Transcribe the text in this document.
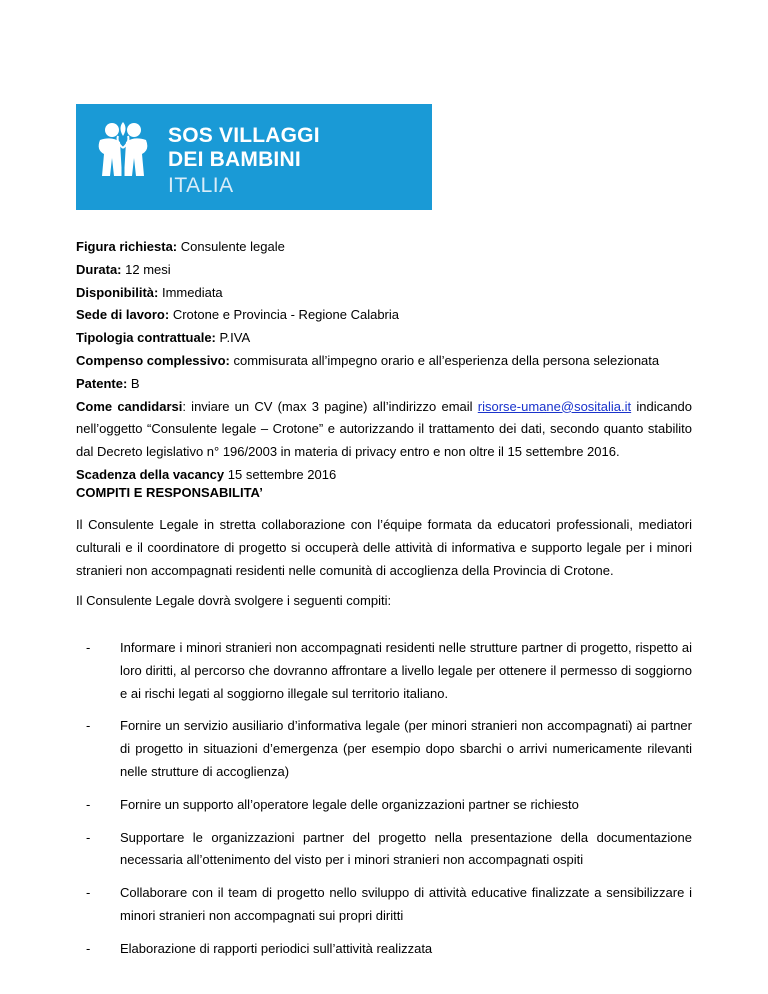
SOS VILLAGGI
DEI BAMBINI
ITALIA

Figura richiesta: Consulente legale

Durata: 12 mesi

Disponibilità: Immediata

Sede di lavoro: Crotone e Provincia - Regione Calabria

Tipologia contrattuale: P.IVA

Compenso complessivo: commisurata all’impegno orario e all’esperienza della persona selezionata

Patente: B

Come candidarsi: inviare un CV (max 3 pagine) all’indirizzo email risorse-umane@sositalia.it indicando nell’oggetto “Consulente legale – Crotone” e autorizzando il trattamento dei dati, secondo quanto stabilito dal Decreto legislativo n° 196/2003 in materia di privacy entro e non oltre il 15 settembre 2016.

Scadenza della vacancy 15 settembre 2016

COMPITI E RESPONSABILITA’

Il Consulente Legale in stretta collaborazione con l’équipe formata da educatori professionali, mediatori culturali e il coordinatore di progetto si occuperà delle attività di informativa e supporto legale per i minori stranieri non accompagnati residenti nelle comunità di accoglienza della Provincia di Crotone.

Il Consulente Legale dovrà svolgere i seguenti compiti:

- Informare i minori stranieri non accompagnati residenti nelle strutture partner di progetto, rispetto ai loro diritti, al percorso che dovranno affrontare a livello legale per ottenere il permesso di soggiorno e ai rischi legati al soggiorno illegale sul territorio italiano.
- Fornire un servizio ausiliario d’informativa legale (per minori stranieri non accompagnati) ai partner di progetto in situazioni d’emergenza (per esempio dopo sbarchi o arrivi numericamente rilevanti nelle strutture di accoglienza)
- Fornire un supporto all’operatore legale delle organizzazioni partner se richiesto
- Supportare le organizzazioni partner del progetto nella presentazione della documentazione necessaria all’ottenimento del visto per i minori stranieri non accompagnati ospiti
- Collaborare con il team di progetto nello sviluppo di attività educative finalizzate a sensibilizzare i minori stranieri non accompagnati sui propri diritti
- Elaborazione di rapporti periodici sull’attività realizzata
